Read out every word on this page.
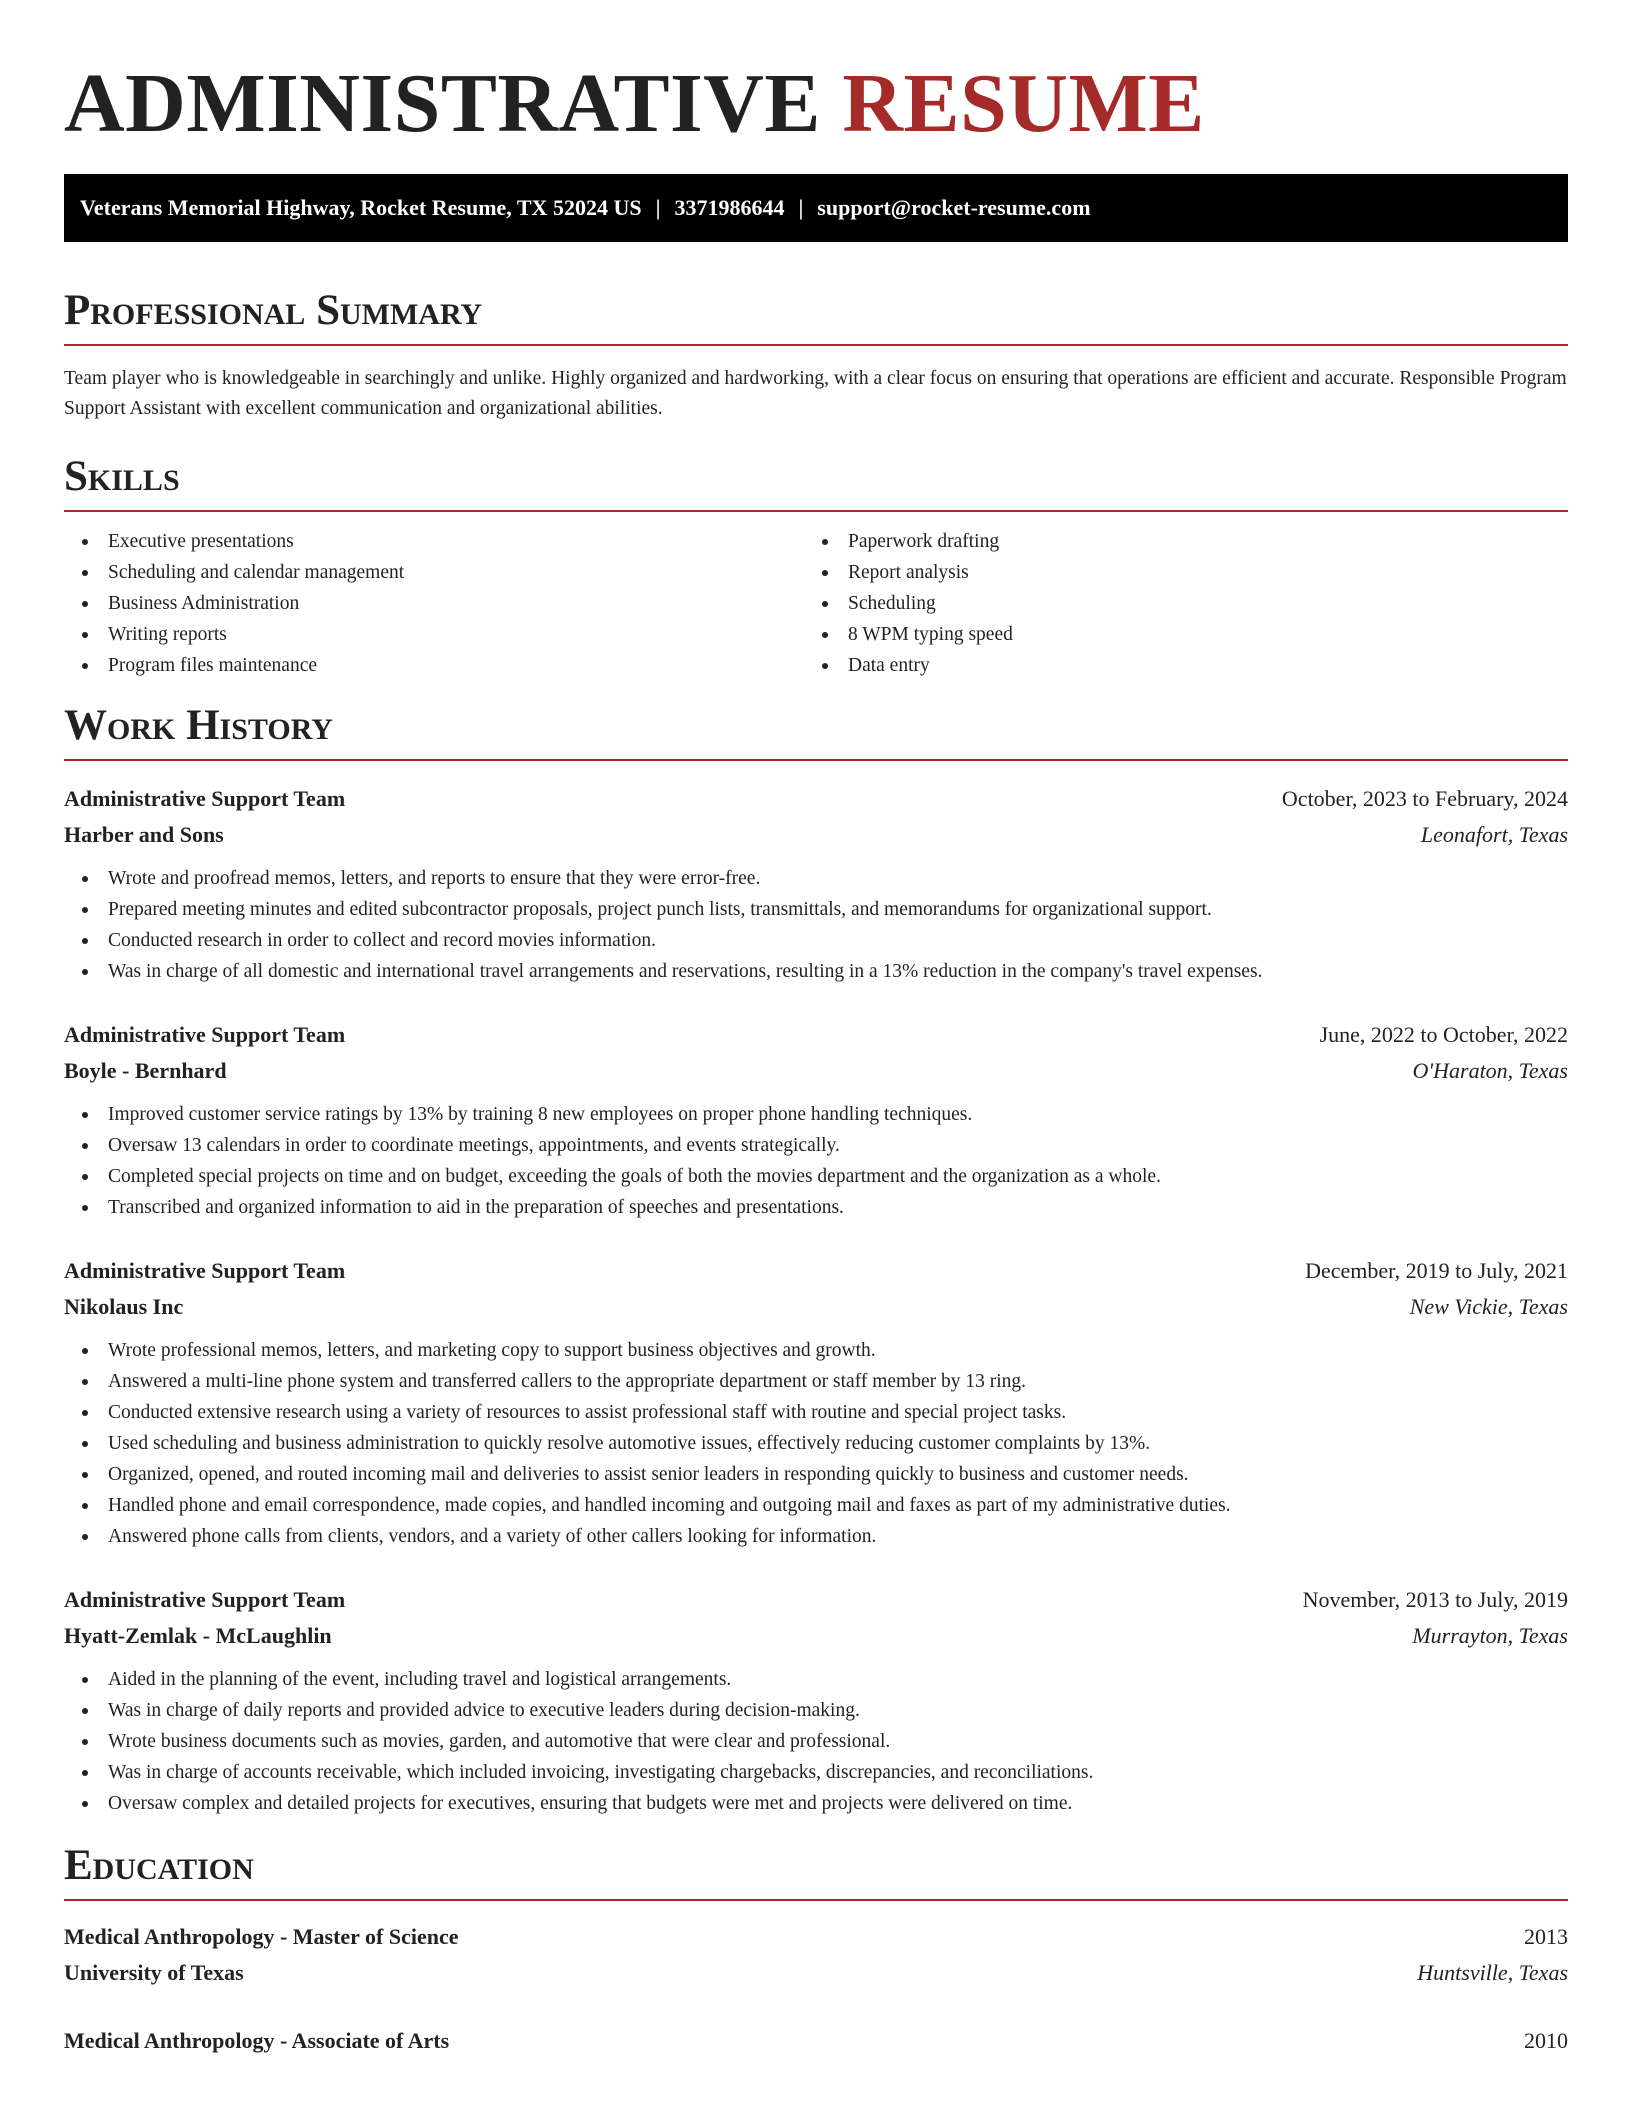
ADMINISTRATIVE RESUME
Veterans Memorial Highway, Rocket Resume, TX 52024 US | 3371986644 | support@rocket-resume.com
Professional Summary

Team player who is knowledgeable in searchingly and unlike. Highly organized and hardworking, with a clear focus on ensuring that operations are efficient and accurate. Responsible Program Support Assistant with excellent communication and organizational abilities.

Skills
Executive presentations
Scheduling and calendar management
Business Administration
Writing reports
Program files maintenance
Paperwork drafting
Report analysis
Scheduling
8 WPM typing speed
Data entry
Work History
Administrative Support Team	October, 2023 to February, 2024
Harber and Sons	Leonafort, Texas
Wrote and proofread memos, letters, and reports to ensure that they were error-free.
Prepared meeting minutes and edited subcontractor proposals, project punch lists, transmittals, and memorandums for organizational support.
Conducted research in order to collect and record movies information.
Was in charge of all domestic and international travel arrangements and reservations, resulting in a 13% reduction in the company's travel expenses.
Administrative Support Team	June, 2022 to October, 2022
Boyle - Bernhard	O'Haraton, Texas
Improved customer service ratings by 13% by training 8 new employees on proper phone handling techniques.
Oversaw 13 calendars in order to coordinate meetings, appointments, and events strategically.
Completed special projects on time and on budget, exceeding the goals of both the movies department and the organization as a whole.
Transcribed and organized information to aid in the preparation of speeches and presentations.
Administrative Support Team	December, 2019 to July, 2021
Nikolaus Inc	New Vickie, Texas
Wrote professional memos, letters, and marketing copy to support business objectives and growth.
Answered a multi-line phone system and transferred callers to the appropriate department or staff member by 13 ring.
Conducted extensive research using a variety of resources to assist professional staff with routine and special project tasks.
Used scheduling and business administration to quickly resolve automotive issues, effectively reducing customer complaints by 13%.
Organized, opened, and routed incoming mail and deliveries to assist senior leaders in responding quickly to business and customer needs.
Handled phone and email correspondence, made copies, and handled incoming and outgoing mail and faxes as part of my administrative duties.
Answered phone calls from clients, vendors, and a variety of other callers looking for information.
Administrative Support Team	November, 2013 to July, 2019
Hyatt-Zemlak - McLaughlin	Murrayton, Texas
Aided in the planning of the event, including travel and logistical arrangements.
Was in charge of daily reports and provided advice to executive leaders during decision-making.
Wrote business documents such as movies, garden, and automotive that were clear and professional.
Was in charge of accounts receivable, which included invoicing, investigating chargebacks, discrepancies, and reconciliations.
Oversaw complex and detailed projects for executives, ensuring that budgets were met and projects were delivered on time.
Education
Medical Anthropology - Master of Science	2013
University of Texas	Huntsville, Texas
Medical Anthropology - Associate of Arts	2010
